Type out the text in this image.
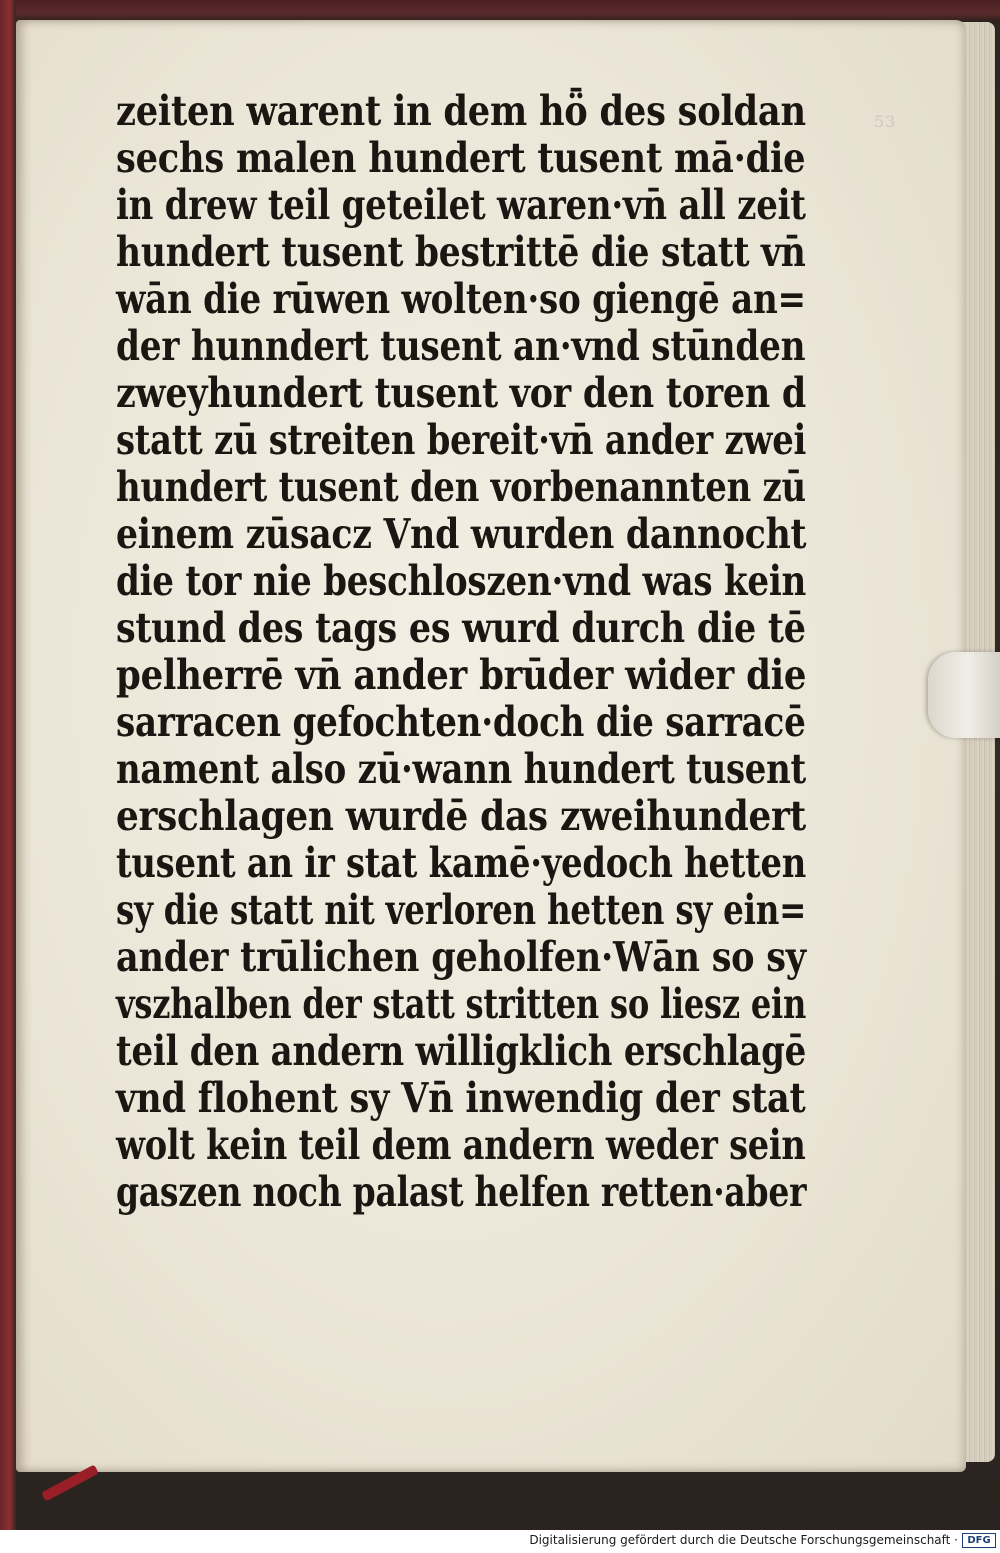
53
zeiten warent in dem hȫ des soldan
sechs malen hundert tusent mā·die
in drew teil geteilet waren·vn̄ all zeit
hundert tusent bestrittē die statt vn̄
wān die rūwen wolten·so giengē an=
der hunndert tusent an·vnd stūnden
zweyhundert tusent vor den toren d
statt zū streiten bereit·vn̄ ander zwei
hundert tusent den vorbenannten zū
einem zūsacz Vnd wurden dannocht
die tor nie beschloszen·vnd was kein
stund des tags es wurd durch die tē
pelherrē vn̄ ander brūder wider die
sarracen gefochten·doch die sarracē
nament also zū·wann hundert tusent
erschlagen wurdē das zweihundert
tusent an ir stat kamē·yedoch hetten
sy die statt nit verloren hetten sy ein=
ander trūlichen geholfen·Wān so sy
vszhalben der statt stritten so liesz ein
teil den andern willigklich erschlagē
vnd flohent sy Vn̄ inwendig der stat
wolt kein teil dem andern weder sein
gaszen noch palast helfen retten·aber
Digitalisierung gefördert durch die Deutsche Forschungsgemeinschaft · DFG
